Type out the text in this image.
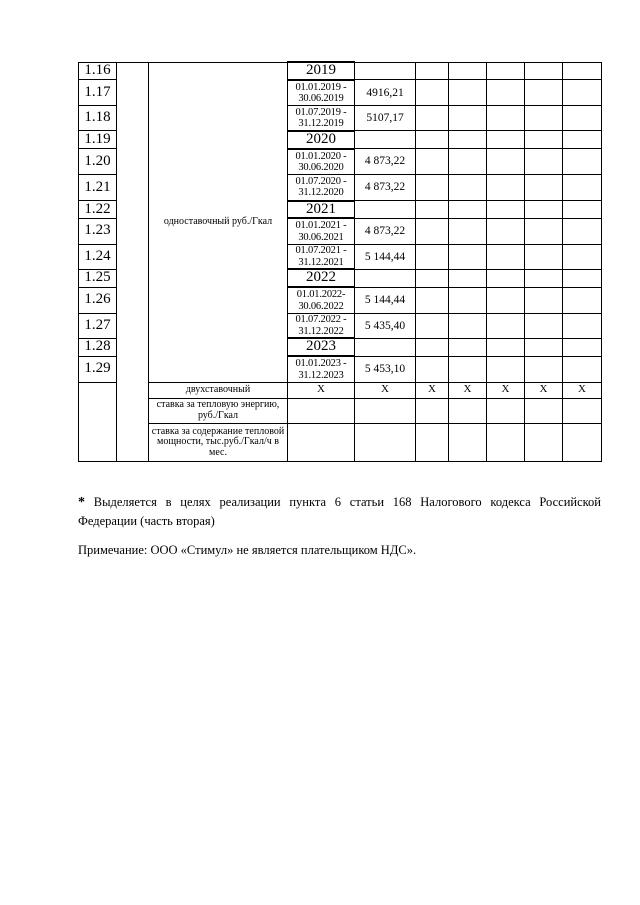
1.16		одноставочный руб./Гкал	2019						
1.17			01.01.2019 - 30.06.2019	4916,21					
1.18			01.07.2019 - 31.12.2019	5107,17					
1.19			2020						
1.20			01.01.2020 - 30.06.2020	4 873,22					
1.21			01.07.2020 - 31.12.2020	4 873,22					
1.22			2021						
1.23			01.01.2021 - 30.06.2021	4 873,22					
1.24			01.07.2021 - 31.12.2021	5 144,44					
1.25			2022						
1.26			01.01.2022- 30.06.2022	5 144,44					
1.27			01.07.2022 - 31.12.2022	5 435,40					
1.28			2023						
1.29			01.01.2023 - 31.12.2023	5 453,10					
		двухставочный	X	X	X	X	X	X	X
		ставка за тепловую энергию, руб./Гкал							
		ставка за содержание тепловой мощности, тыс.руб./Гкал/ч в мес.							
* Выделяется в целях реализации пункта 6 статьи 168 Налогового кодекса Российской Федерации (часть вторая)
Примечание: ООО «Стимул» не является плательщиком НДС».
